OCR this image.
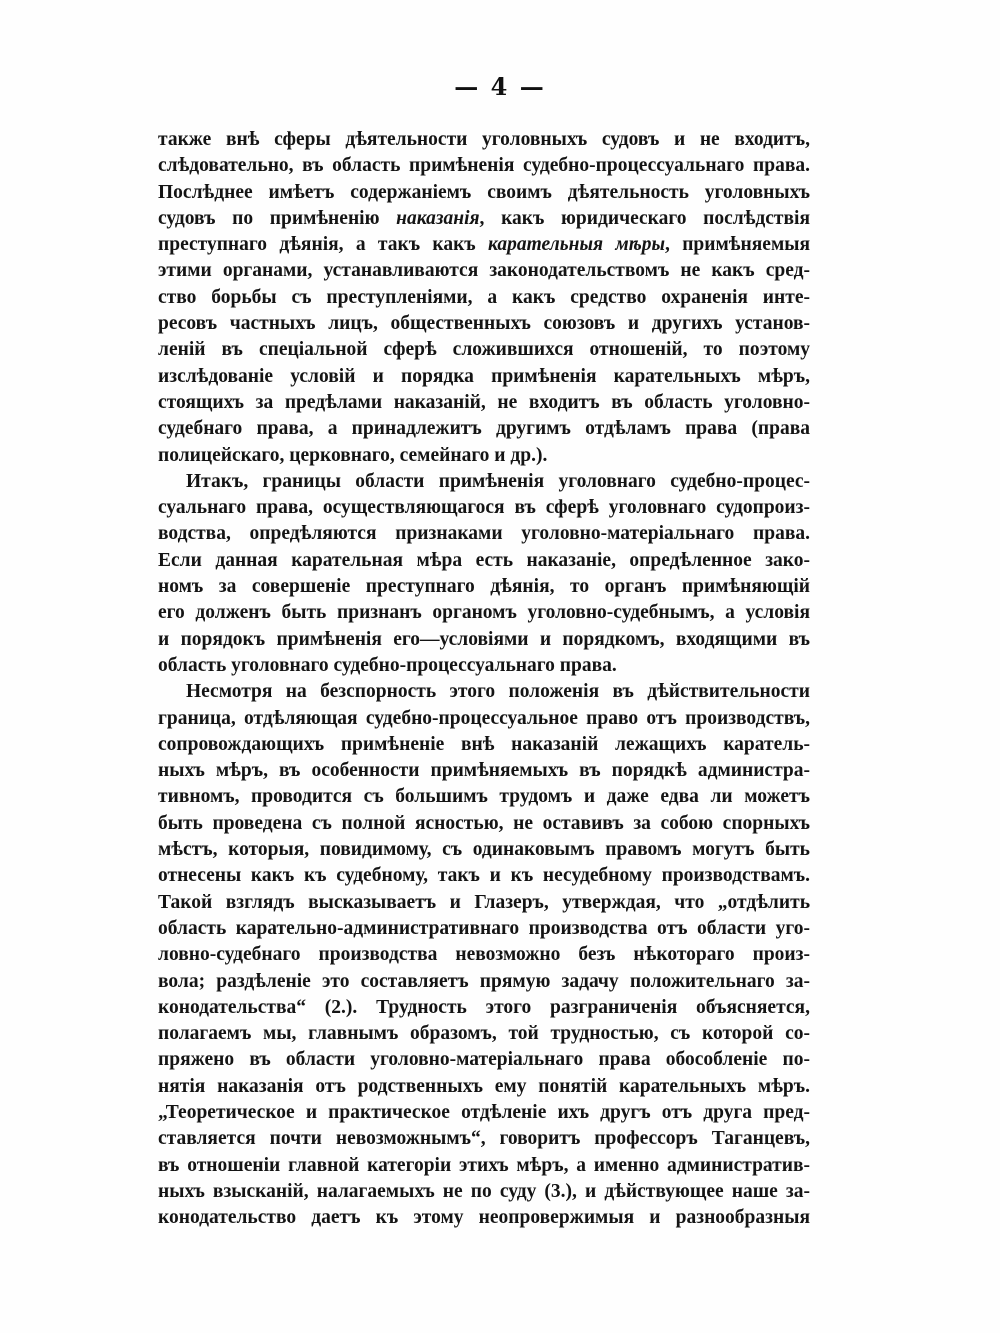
— 4 —
также внѣ сферы дѣятельности уголовныхъ судовъ и не входитъ,
слѣдовательно, въ область примѣненія судебно-процессуальнаго права.
Послѣднее имѣетъ содержаніемъ своимъ дѣятельность уголовныхъ
судовъ по примѣненію наказанія, какъ юридическаго послѣдствія
преступнаго дѣянія, а такъ какъ карательныя мѣры, примѣняемыя
этими органами, устанавливаются законодательствомъ не какъ сред-
ство борьбы съ преступленіями, а какъ средство охраненія инте-
ресовъ частныхъ лицъ, общественныхъ союзовъ и другихъ установ-
леній въ спеціальной сферѣ сложившихся отношеній, то поэтому
изслѣдованіе условій и порядка примѣненія карательныхъ мѣръ,
стоящихъ за предѣлами наказаній, не входитъ въ область уголовно-
судебнаго права, а принадлежитъ другимъ отдѣламъ права (права
полицейскаго, церковнаго, семейнаго и др.).
Итакъ, границы области примѣненія уголовнаго судебно-процес-
суальнаго права, осуществляющагося въ сферѣ уголовнаго судопроиз-
водства, опредѣляются признаками уголовно-матеріальнаго права.
Если данная карательная мѣра есть наказаніе, опредѣленное зако-
номъ за совершеніе преступнаго дѣянія, то органъ примѣняющій
его долженъ быть признанъ органомъ уголовно-судебнымъ, а условія
и порядокъ примѣненія его—условіями и порядкомъ, входящими въ
область уголовнаго судебно-процессуальнаго права.
Несмотря на безспорность этого положенія въ дѣйствительности
граница, отдѣляющая судебно-процессуальное право отъ производствъ,
сопровождающихъ примѣненіе внѣ наказаній лежащихъ каратель-
ныхъ мѣръ, въ особенности примѣняемыхъ въ порядкѣ администра-
тивномъ, проводится съ большимъ трудомъ и даже едва ли можетъ
быть проведена съ полной ясностью, не оставивъ за собою спорныхъ
мѣстъ, которыя, повидимому, съ одинаковымъ правомъ могутъ быть
отнесены какъ къ судебному, такъ и къ несудебному производствамъ.
Такой взглядъ высказываетъ и Глазеръ, утверждая, что „отдѣлить
область карательно-административнаго производства отъ области уго-
ловно-судебнаго производства невозможно безъ нѣкотораго произ-
вола; раздѣленіе это составляетъ прямую задачу положительнаго за-
конодательства“ (2.). Трудность этого разграниченія объясняется,
полагаемъ мы, главнымъ образомъ, той трудностью, съ которой со-
пряжено въ области уголовно-матеріальнаго права обособленіе по-
нятія наказанія отъ родственныхъ ему понятій карательныхъ мѣръ.
„Теоретическое и практическое отдѣленіе ихъ другъ отъ друга пред-
ставляется почти невозможнымъ“, говоритъ профессоръ Таганцевъ,
въ отношеніи главной категоріи этихъ мѣръ, а именно административ-
ныхъ взысканій, налагаемыхъ не по суду (3.), и дѣйствующее наше за-
конодательство даетъ къ этому неопровержимыя и разнообразныя
